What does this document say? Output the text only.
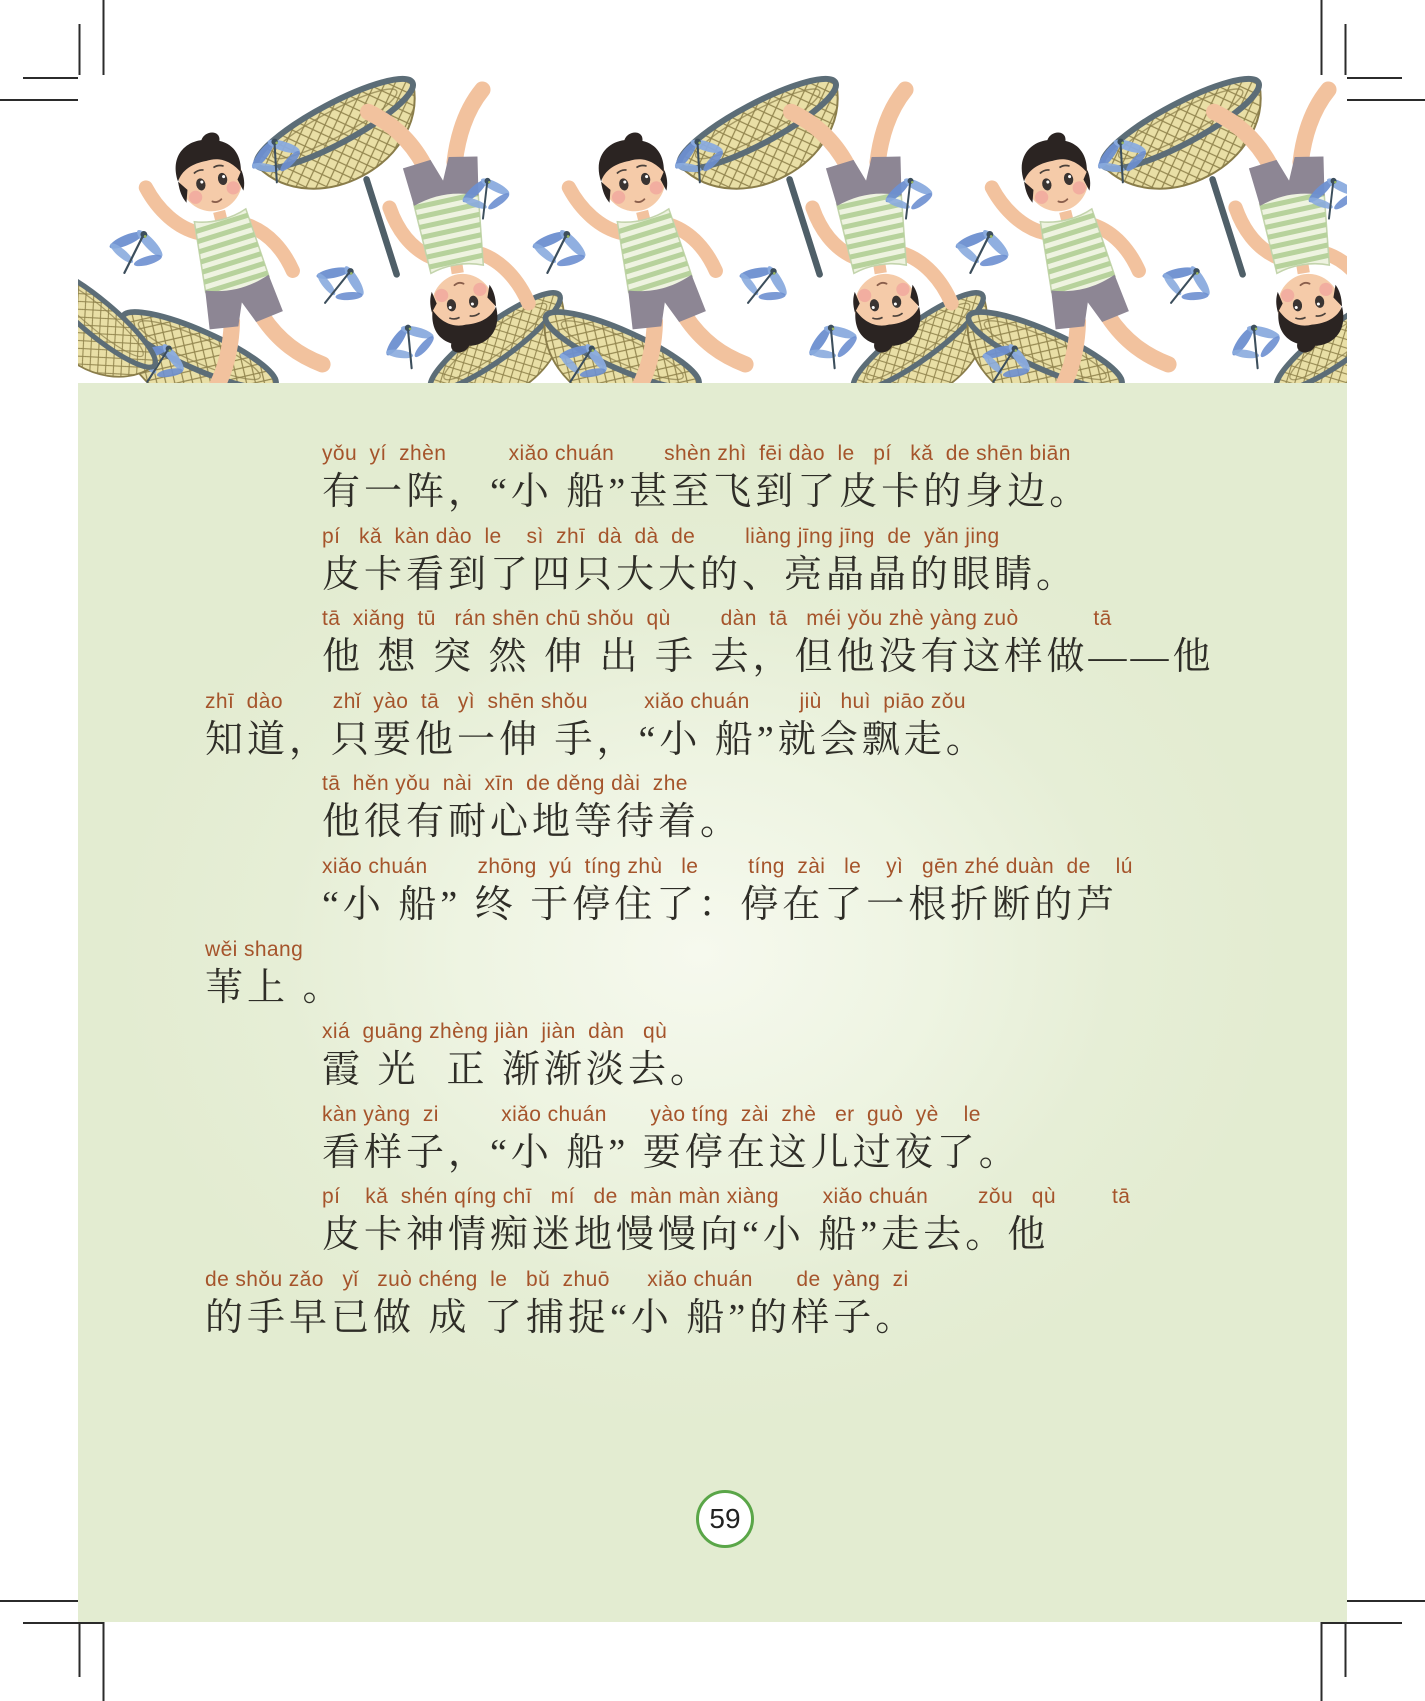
yǒu  yí  zhèn          xiǎo chuán        shèn zhì  fēi dào  le   pí   kǎ  de shēn biān
有一阵，“小 船”甚至飞到了皮卡的身边。
pí   kǎ  kàn dào  le    sì  zhī  dà  dà  de        liàng jīng jīng  de  yǎn jing
皮卡看到了四只大大的、亮晶晶的眼睛。
tā  xiǎng  tū   rán shēn chū shǒu  qù        dàn  tā   méi yǒu zhè yàng zuò            tā
他 想 突 然 伸 出 手 去，但他没有这样做——他
zhī  dào        zhǐ  yào  tā   yì  shēn shǒu         xiǎo chuán        jiù   huì  piāo zǒu
知道，只要他一伸 手，“小 船”就会飘走。
tā  hěn yǒu  nài  xīn  de děng dài  zhe
他很有耐心地等待着。
xiǎo chuán        zhōng  yú  tíng zhù   le        tíng  zài   le    yì   gēn zhé duàn  de    lú
“小 船” 终 于停住了：停在了一根折断的芦
wěi shang
苇上 。
xiá  guāng zhèng jiàn  jiàn  dàn   qù
霞 光  正 渐渐淡去。
kàn yàng  zi          xiǎo chuán       yào tíng  zài  zhè   er  guò  yè    le
看样子，“小 船” 要停在这儿过夜了。
pí    kǎ  shén qíng chī   mí   de  màn màn xiàng       xiǎo chuán        zǒu   qù         tā
皮卡神情痴迷地慢慢向“小 船”走去。他
de shǒu zǎo   yǐ   zuò chéng  le   bǔ  zhuō      xiǎo chuán       de  yàng  zi
的手早已做 成 了捕捉“小 船”的样子。
59
